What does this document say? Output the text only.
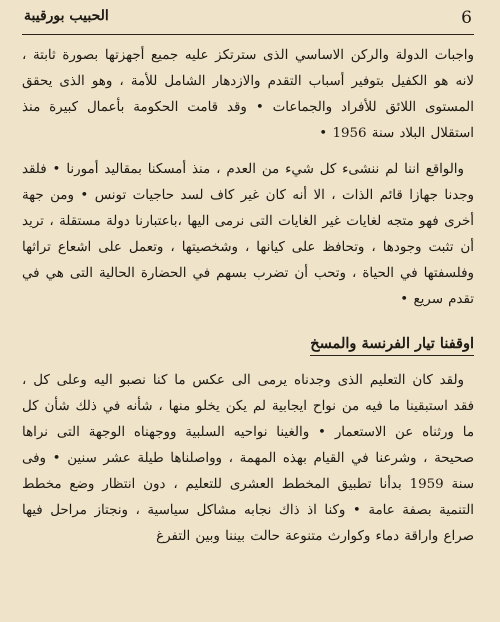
6
الحبيب بورقيبة

واجبات الدولة والركن الاساسي الذى سترتكز عليه جميع أجهزتها بصورة ثابتة ، لانه هو الكفيل بتوفير أسباب التقدم والازدهار الشامل للأمة ، وهو الذى يحقق المستوى اللائق للأفراد والجماعات • وقد قامت الحكومة بأعمال كبيرة منذ استقلال البلاد سنة 1956 •

والواقع اننا لم ننشىء كل شيء من العدم ، منذ أمسكنا بمقاليد أمورنا • فلقد وجدنا جهازا قائم الذات ، الا أنه كان غير كاف لسد حاجيات تونس • ومن جهة أخرى فهو متجه لغايات غير الغايات التى نرمى اليها ،باعتبارنا دولة مستقلة ، تريد أن تثبت وجودها ، وتحافظ على كيانها ، وشخصيتها ، وتعمل على اشعاع تراثها وفلسفتها في الحياة ، وتحب أن تضرب بسهم في الحضارة الحالية التى هي في تقدم سريع •

اوقفنا تيار الفرنسة والمسخ

ولقد كان التعليم الذى وجدناه يرمى الى عكس ما كنا نصبو اليه وعلى كل ، فقد استبقينا ما فيه من نواح ايجابية لم يكن يخلو منها ، شأنه في ذلك شأن كل ما ورثناه عن الاستعمار • والغينا نواحيه السلبية ووجهناه الوجهة التى نراها صحيحة ، وشرعنا في القيام بهذه المهمة ، وواصلناها طيلة عشر سنين • وفى سنة 1959 بدأنا تطبيق المخطط العشرى للتعليم ، دون انتظار وضع مخطط التنمية بصفة عامة • وكنا اذ ذاك نجابه مشاكل سياسية ، ونجتاز مراحل فيها صراع واراقة دماء وكوارث متنوعة حالت بيننا وبين التفرغ
